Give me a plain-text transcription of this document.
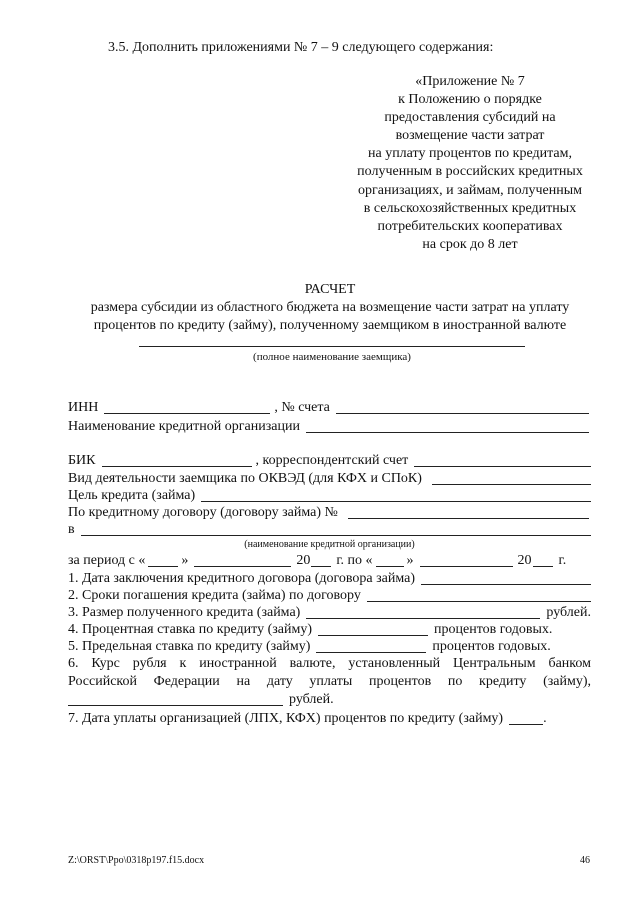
3.5. Дополнить приложениями № 7 – 9 следующего содержания:
«Приложение № 7
к Положению о порядке
предоставления субсидий на
возмещение части затрат
на уплату процентов по кредитам,
полученным в российских кредитных
организациях, и займам, полученным
в сельскохозяйственных кредитных
потребительских кооперативах
на срок до 8 лет
РАСЧЕТ
размера субсидии из областного бюджета на возмещение части затрат на уплату
процентов по кредиту (займу), полученному заемщиком в иностранной валюте
(полное наименование заемщика)
ИНН	, № счета
Наименование кредитной организации
БИК	, корреспондентский счет
Вид деятельности заемщика по ОКВЭД (для КФХ и СПоК)
Цель кредита (займа)
По кредитному договору (договору займа) №
в
(наименование кредитной организации)
за период с «	»	20 г. по « »	20 г.
1. Дата заключения кредитного договора (договора займа)
2. Сроки погашения кредита (займа) по договору
3. Размер полученного кредита (займа)	рублей.
4. Процентная ставка по кредиту (займу)	процентов годовых.
5. Предельная ставка по кредиту (займу)	процентов годовых.
6. Курс рубля к иностранной валюте, установленный Центральным банком
Российской Федерации на дату уплаты процентов по кредиту (займу),
рублей.
7. Дата уплаты организацией (ЛПХ, КФХ) процентов по кредиту (займу)	.
Z:\ORST\Ppo\0318p197.f15.docx	46
